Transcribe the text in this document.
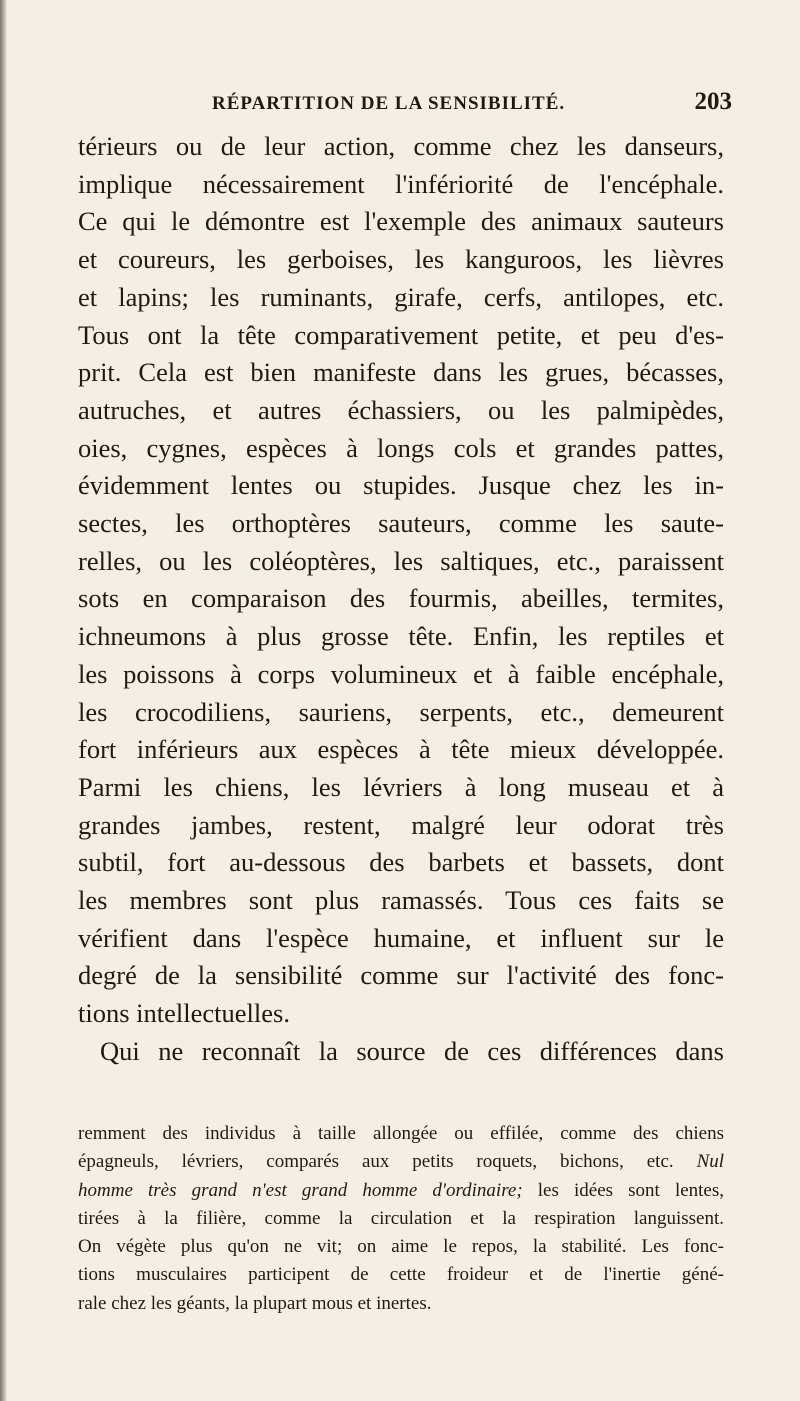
RÉPARTITION DE LA SENSIBILITÉ.	203
térieurs ou de leur action, comme chez les danseurs,
implique nécessairement l'infériorité de l'encéphale.
Ce qui le démontre est l'exemple des animaux sauteurs
et coureurs, les gerboises, les kanguroos, les lièvres
et lapins; les ruminants, girafe, cerfs, antilopes, etc.
Tous ont la tête comparativement petite, et peu d'es-
prit. Cela est bien manifeste dans les grues, bécasses,
autruches, et autres échassiers, ou les palmipèdes,
oies, cygnes, espèces à longs cols et grandes pattes,
évidemment lentes ou stupides. Jusque chez les in-
sectes, les orthoptères sauteurs, comme les saute-
relles, ou les coléoptères, les saltiques, etc., paraissent
sots en comparaison des fourmis, abeilles, termites,
ichneumons à plus grosse tête. Enfin, les reptiles et
les poissons à corps volumineux et à faible encéphale,
les crocodiliens, sauriens, serpents, etc., demeurent
fort inférieurs aux espèces à tête mieux développée.
Parmi les chiens, les lévriers à long museau et à
grandes jambes, restent, malgré leur odorat très
subtil, fort au-dessous des barbets et bassets, dont
les membres sont plus ramassés. Tous ces faits se
vérifient dans l'espèce humaine, et influent sur le
degré de la sensibilité comme sur l'activité des fonc-
tions intellectuelles.
Qui ne reconnaît la source de ces différences dans
remment des individus à taille allongée ou effilée, comme des chiens
épagneuls, lévriers, comparés aux petits roquets, bichons, etc. Nul
homme très grand n'est grand homme d'ordinaire; les idées sont lentes,
tirées à la filière, comme la circulation et la respiration languissent.
On végète plus qu'on ne vit; on aime le repos, la stabilité. Les fonc-
tions musculaires participent de cette froideur et de l'inertie géné-
rale chez les géants, la plupart mous et inertes.
